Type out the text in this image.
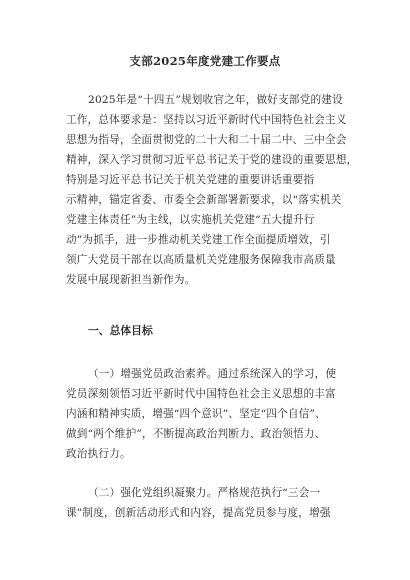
支部2025年度党建工作要点
2025年是“十四五”规划收官之年，做好支部党的建设
工作，总体要求是：坚持以习近平新时代中国特色社会主义
思想为指导，全面贯彻党的二十大和二十届二中、三中全会
精神，深入学习贯彻习近平总书记关于党的建设的重要思想，
特别是习近平总书记关于机关党建的重要讲话重要指
示精神，锚定省委、市委全会新部署新要求，以“落实机关
党建主体责任”为主线，以实施机关党建“五大提升行
动”为抓手，进一步推动机关党建工作全面提质增效，引
领广大党员干部在以高质量机关党建服务保障我市高质量
发展中展现新担当新作为。
一、总体目标
（一）增强党员政治素养。通过系统深入的学习，使
党员深刻领悟习近平新时代中国特色社会主义思想的丰富
内涵和精神实质，增强“四个意识”、坚定“四个自信”、
做到“两个维护”，不断提高政治判断力、政治领悟力、
政治执行力。
（二）强化党组织凝聚力。严格规范执行“三会一
课”制度，创新活动形式和内容，提高党员参与度，增强
